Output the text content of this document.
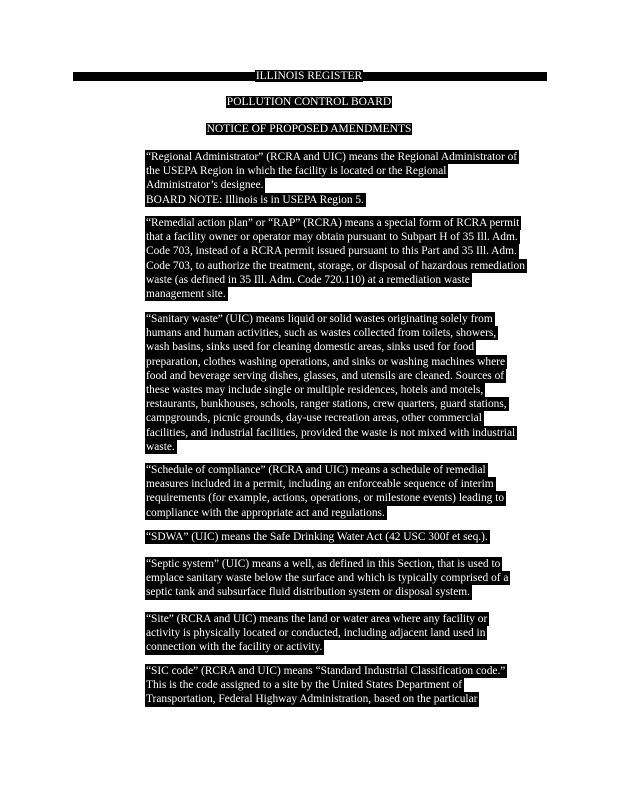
ILLINOIS REGISTER
POLLUTION CONTROL BOARD
NOTICE OF PROPOSED AMENDMENTS
“Regional Administrator” (RCRA and UIC) means the Regional Administrator of
the USEPA Region in which the facility is located or the Regional
Administrator’s designee.
BOARD NOTE: Illinois is in USEPA Region 5.
“Remedial action plan” or “RAP” (RCRA) means a special form of RCRA permit
that a facility owner or operator may obtain pursuant to Subpart H of 35 Ill. Adm.
Code 703, instead of a RCRA permit issued pursuant to this Part and 35 Ill. Adm.
Code 703, to authorize the treatment, storage, or disposal of hazardous remediation
waste (as defined in 35 Ill. Adm. Code 720.110) at a remediation waste
management site.
“Sanitary waste” (UIC) means liquid or solid wastes originating solely from
humans and human activities, such as wastes collected from toilets, showers,
wash basins, sinks used for cleaning domestic areas, sinks used for food
preparation, clothes washing operations, and sinks or washing machines where
food and beverage serving dishes, glasses, and utensils are cleaned. Sources of
these wastes may include single or multiple residences, hotels and motels,
restaurants, bunkhouses, schools, ranger stations, crew quarters, guard stations,
campgrounds, picnic grounds, day-use recreation areas, other commercial
facilities, and industrial facilities, provided the waste is not mixed with industrial
waste.
“Schedule of compliance” (RCRA and UIC) means a schedule of remedial
measures included in a permit, including an enforceable sequence of interim
requirements (for example, actions, operations, or milestone events) leading to
compliance with the appropriate act and regulations.
“SDWA” (UIC) means the Safe Drinking Water Act (42 USC 300f et seq.).
“Septic system” (UIC) means a well, as defined in this Section, that is used to
emplace sanitary waste below the surface and which is typically comprised of a
septic tank and subsurface fluid distribution system or disposal system.
“Site” (RCRA and UIC) means the land or water area where any facility or
activity is physically located or conducted, including adjacent land used in
connection with the facility or activity.
“SIC code” (RCRA and UIC) means “Standard Industrial Classification code.”
This is the code assigned to a site by the United States Department of
Transportation, Federal Highway Administration, based on the particular
